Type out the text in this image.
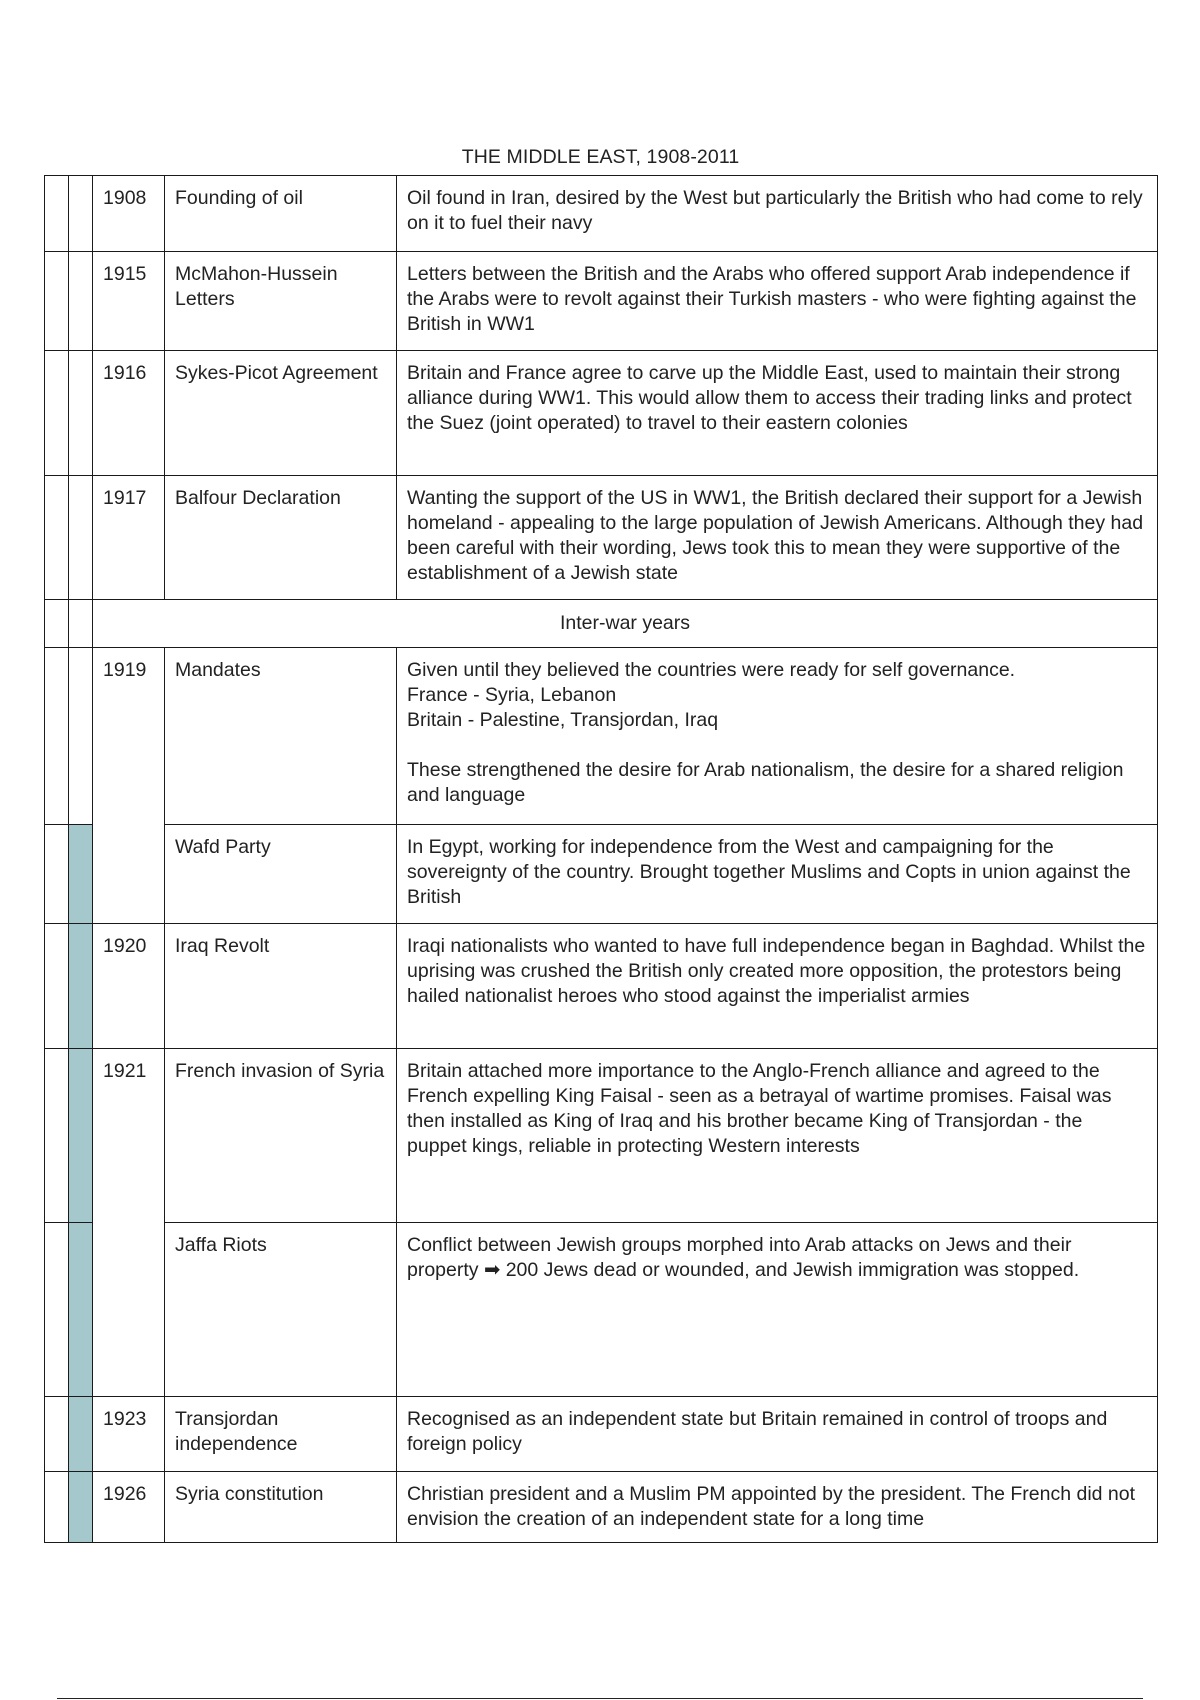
THE MIDDLE EAST, 1908-2011
		1908	Founding of oil	Oil found in Iran, desired by the West but particularly the British who had come to rely on it to fuel their navy
		1915	McMahon-Hussein Letters	Letters between the British and the Arabs who offered support Arab independence if the Arabs were to revolt against their Turkish masters - who were fighting against the British in WW1
		1916	Sykes-Picot Agreement	Britain and France agree to carve up the Middle East, used to maintain their strong alliance during WW1. This would allow them to access their trading links and protect the Suez (joint operated) to travel to their eastern colonies
		1917	Balfour Declaration	Wanting the support of the US in WW1, the British declared their support for a Jewish homeland - appealing to the large population of Jewish Americans. Although they had been careful with their wording, Jews took this to mean they were supportive of the establishment of a Jewish state
		Inter-war years		
		1919	Mandates	Given until they believed the countries were ready for self governance.
France - Syria, Lebanon
Britain - Palestine, Transjordan, Iraq
These strengthened the desire for Arab nationalism, the desire for a shared religion and language

			Wafd Party	In Egypt, working for independence from the West and campaigning for the sovereignty of the country. Brought together Muslims and Copts in union against the British
		1920	Iraq Revolt	Iraqi nationalists who wanted to have full independence began in Baghdad. Whilst the uprising was crushed the British only created more opposition, the protestors being hailed nationalist heroes who stood against the imperialist armies
		1921	French invasion of Syria	Britain attached more importance to the Anglo-French alliance and agreed to the French expelling King Faisal - seen as a betrayal of wartime promises. Faisal was then installed as King of Iraq and his brother became King of Transjordan - the puppet kings, reliable in protecting Western interests
			Jaffa Riots	Conflict between Jewish groups morphed into Arab attacks on Jews and their property ➡ 200 Jews dead or wounded, and Jewish immigration was stopped.
		1923	Transjordan independence	Recognised as an independent state but Britain remained in control of troops and foreign policy
		1926	Syria constitution	Christian president and a Muslim PM appointed by the president. The French did not envision the creation of an independent state for a long time
